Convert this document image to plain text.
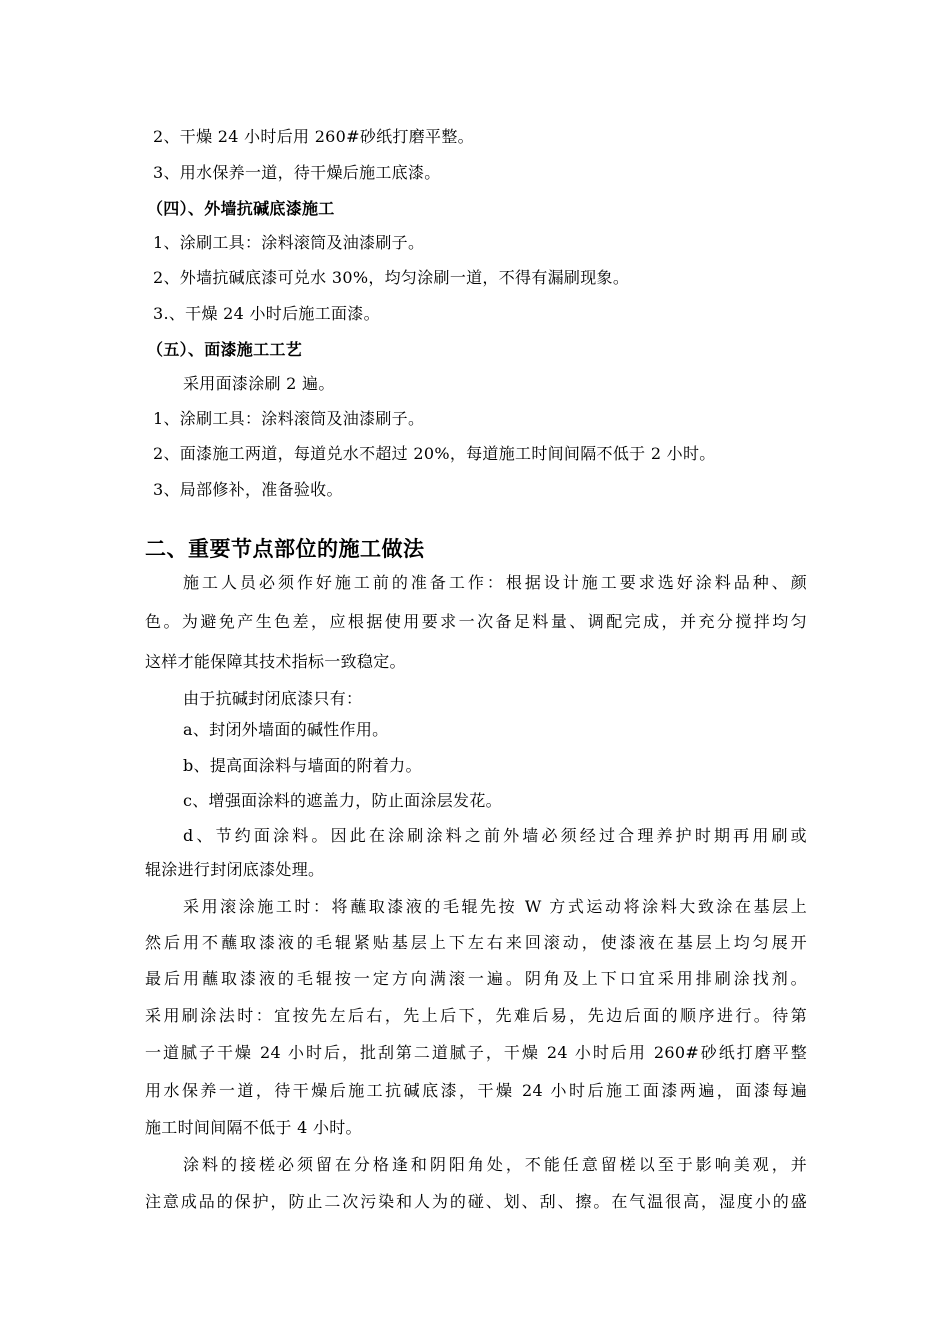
2、干燥 24 小时后用 260#砂纸打磨平整。
3、用水保养一道，待干燥后施工底漆。
（四）、外墙抗碱底漆施工
1、涂刷工具：涂料滚筒及油漆刷子。
2、外墙抗碱底漆可兑水 30%，均匀涂刷一道，不得有漏刷现象。
3.、干燥 24 小时后施工面漆。
（五）、面漆施工工艺
采用面漆涂刷 2 遍。
1、涂刷工具：涂料滚筒及油漆刷子。
2、面漆施工两道，每道兑水不超过 20%，每道施工时间间隔不低于 2 小时。
3、局部修补，准备验收。
二、重要节点部位的施工做法
施工人员必须作好施工前的准备工作：根据设计施工要求选好涂料品种、颜
色。为避免产生色差，应根据使用要求一次备足料量、调配完成，并充分搅拌均匀
这样才能保障其技术指标一致稳定。
由于抗碱封闭底漆只有：
a、封闭外墙面的碱性作用。
b、提高面涂料与墙面的附着力。
c、增强面涂料的遮盖力，防止面涂层发花。
d、节约面涂料。因此在涂刷涂料之前外墙必须经过合理养护时期再用刷或
辊涂进行封闭底漆处理。
采用滚涂施工时：将蘸取漆液的毛辊先按 W 方式运动将涂料大致涂在基层上
然后用不蘸取漆液的毛辊紧贴基层上下左右来回滚动，使漆液在基层上均匀展开
最后用蘸取漆液的毛辊按一定方向满滚一遍。阴角及上下口宜采用排刷涂找剂。
采用刷涂法时：宜按先左后右，先上后下，先难后易，先边后面的顺序进行。待第
一道腻子干燥 24 小时后，批刮第二道腻子，干燥 24 小时后用 260#砂纸打磨平整
用水保养一道，待干燥后施工抗碱底漆，干燥 24 小时后施工面漆两遍，面漆每遍
施工时间间隔不低于 4 小时。
涂料的接槎必须留在分格逢和阴阳角处，不能任意留槎以至于影响美观，并
注意成品的保护，防止二次污染和人为的碰、划、刮、擦。在气温很高，湿度小的盛
